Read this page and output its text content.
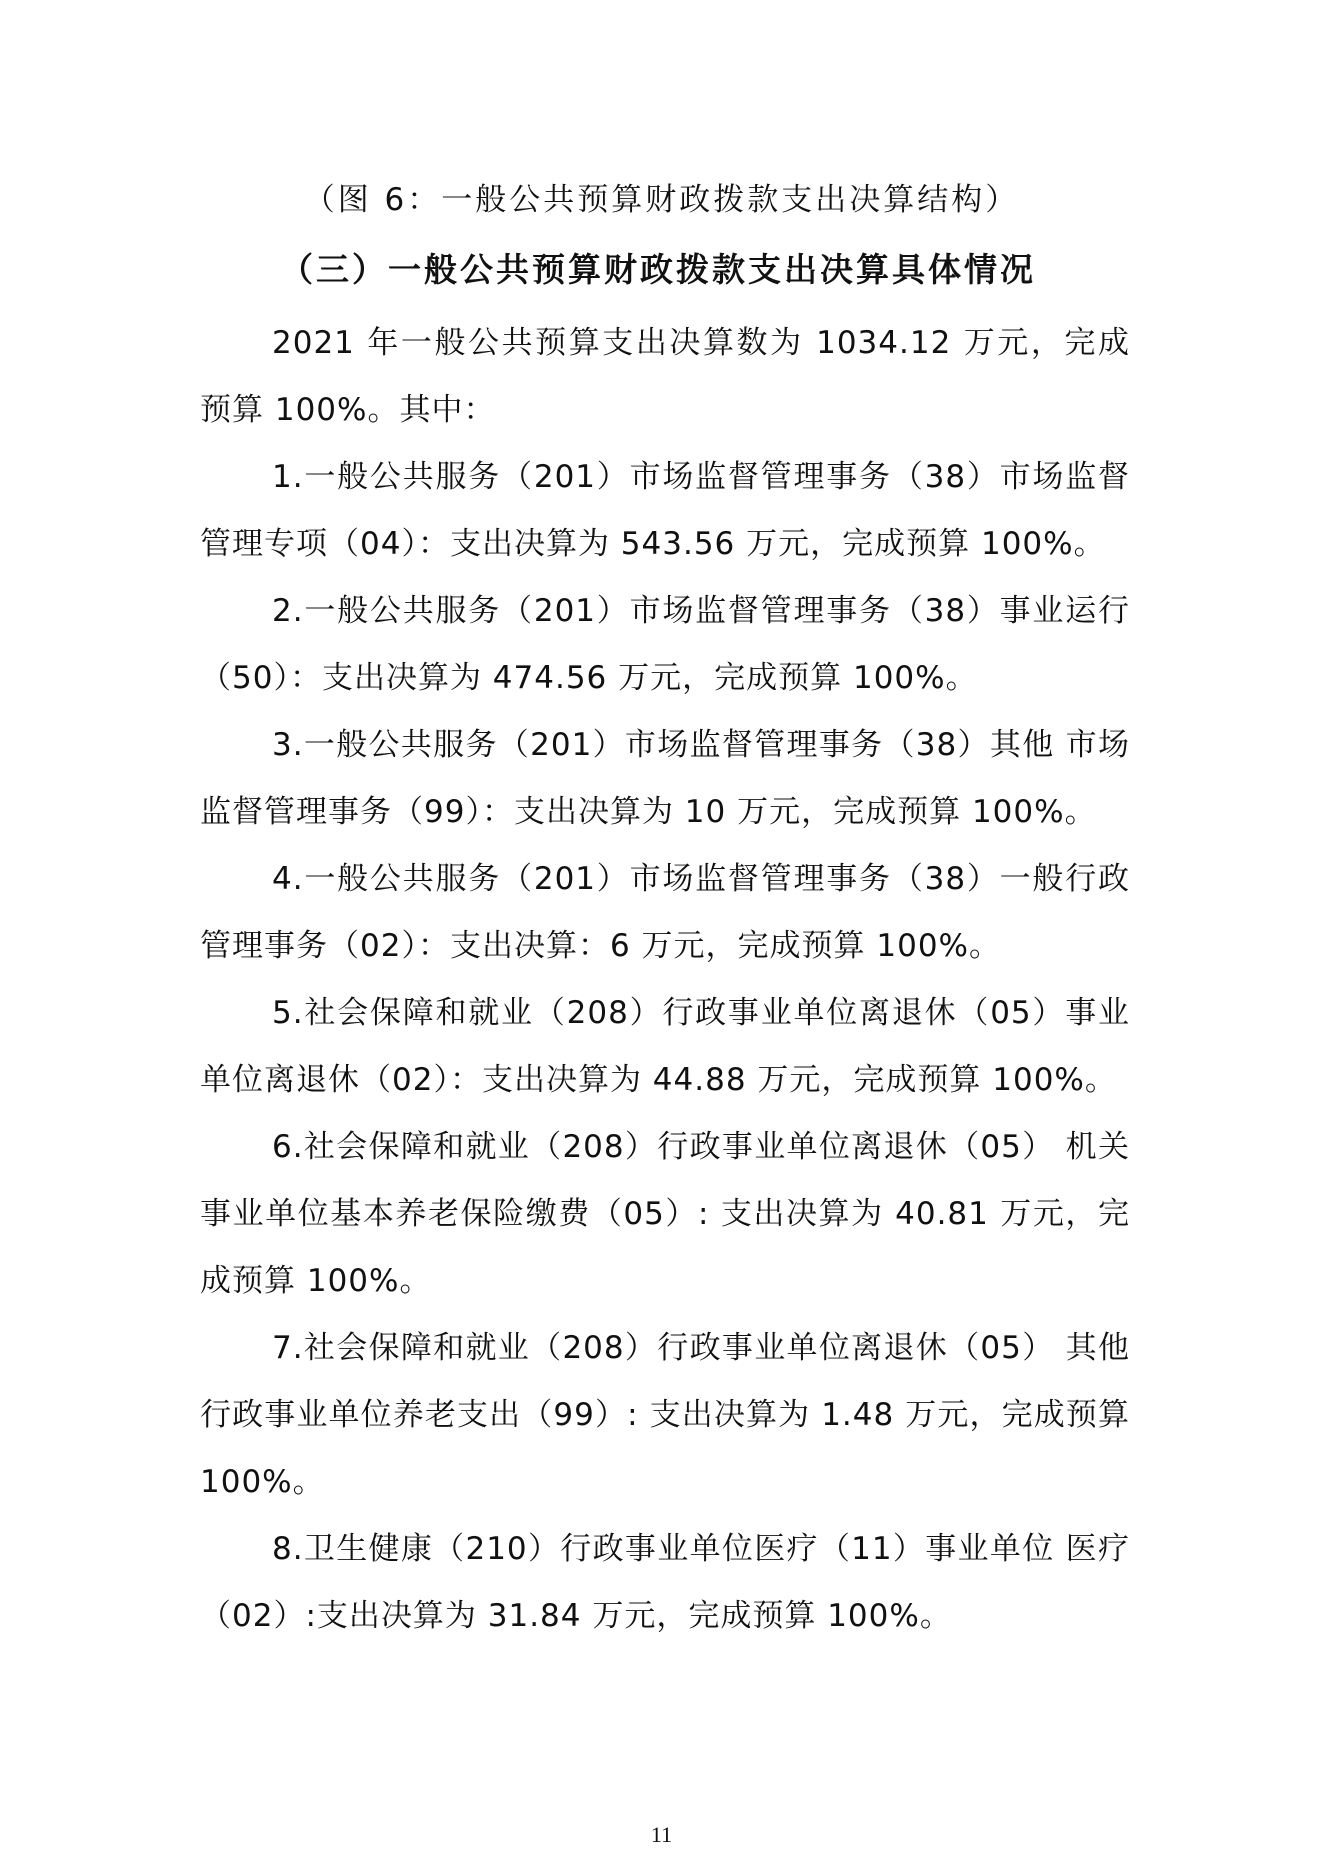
（图 6：一般公共预算财政拨款支出决算结构）
（三）一般公共预算财政拨款支出决算具体情况

2021 年一般公共预算支出决算数为 1034.12 万元，完成预算 100%。其中：

1.一般公共服务（201）市场监督管理事务（38）市场监督管理专项（04）：支出决算为 543.56 万元，完成预算 100%。

2.一般公共服务（201）市场监督管理事务（38）事业运行（50）：支出决算为 474.56 万元，完成预算 100%。

3.一般公共服务（201）市场监督管理事务（38）其他 市场监督管理事务（99）：支出决算为 10 万元，完成预算 100%。

4.一般公共服务（201）市场监督管理事务（38）一般行政管理事务（02）：支出决算：6 万元，完成预算 100%。

5.社会保障和就业（208）行政事业单位离退休（05）事业单位离退休（02）：支出决算为 44.88 万元，完成预算 100%。

6.社会保障和就业（208）行政事业单位离退休（05） 机关事业单位基本养老保险缴费（05）: 支出决算为 40.81 万元，完成预算 100%。

7.社会保障和就业（208）行政事业单位离退休（05） 其他行政事业单位养老支出（99）: 支出决算为 1.48 万元，完成预算 100%。

8.卫生健康（210）行政事业单位医疗（11）事业单位 医疗（02）:支出决算为 31.84 万元，完成预算 100%。

11
